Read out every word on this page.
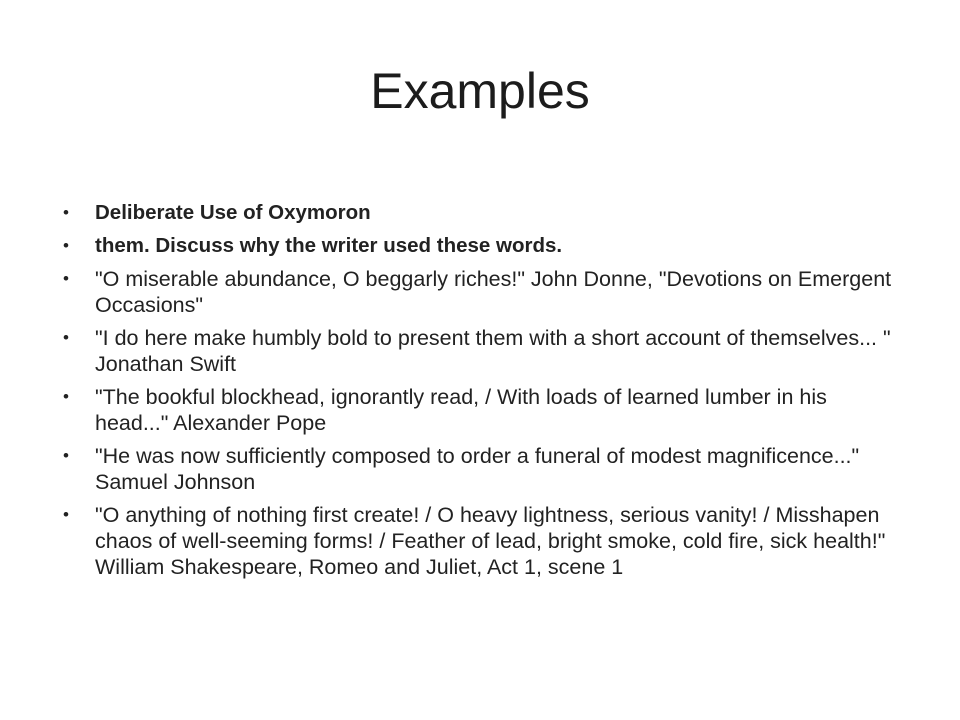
Examples
• Deliberate Use of Oxymoron
• them. Discuss why the writer used these words.
• "O miserable abundance, O beggarly riches!" John Donne, "Devotions on Emergent Occasions"
• "I do here make humbly bold to present them with a short account of themselves... " Jonathan Swift
• "The bookful blockhead, ignorantly read, / With loads of learned lumber in his head..." Alexander Pope
• "He was now sufficiently composed to order a funeral of modest magnificence..." Samuel Johnson
• "O anything of nothing first create! / O heavy lightness, serious vanity! / Misshapen chaos of well-seeming forms! / Feather of lead, bright smoke, cold fire, sick health!" William Shakespeare, Romeo and Juliet, Act 1, scene 1
